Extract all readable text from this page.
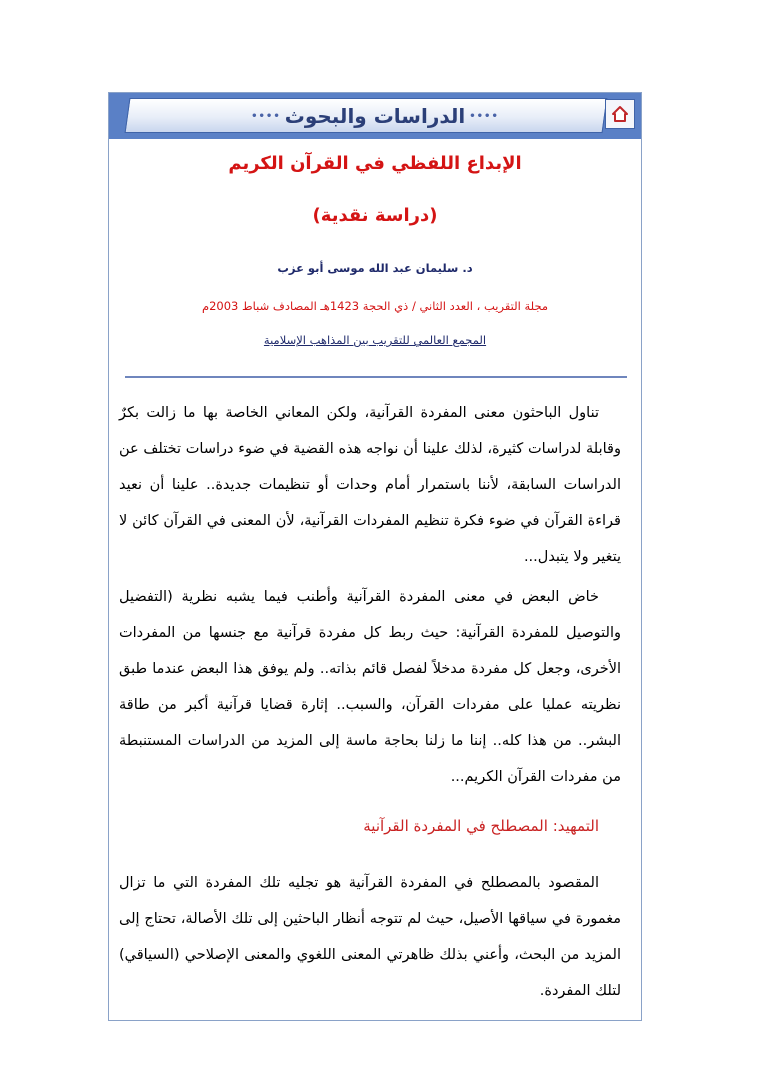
•••• الدراسات والبحوث ••••
الإبداع اللفظي في القرآن الكريم
(دراسة نقدية)
د. سليمان عبد الله موسى أبو عزب
مجلة التقريب ، العدد الثاني / ذي الحجة 1423هـ المصادف شباط 2003م
المجمع العالمي للتقريب بين المذاهب الإسلامية
تناول الباحثون معنى المفردة القرآنية، ولكن المعاني الخاصة بها ما زالت بكرٌ وقابلة لدراسات كثيرة، لذلك علينا أن نواجه هذه القضية في ضوء دراسات تختلف عن الدراسات السابقة، لأننا باستمرار أمام وحدات أو تنظيمات جديدة.. علينا أن نعيد قراءة القرآن في ضوء فكرة تنظيم المفردات القرآنية، لأن المعنى في القرآن كائن لا يتغير ولا يتبدل...
خاض البعض في معنى المفردة القرآنية وأطنب فيما يشبه نظرية (التفضيل والتوصيل للمفردة القرآنية: حيث ربط كل مفردة قرآنية مع جنسها من المفردات الأخرى، وجعل كل مفردة مدخلاً لفصل قائم بذاته.. ولم يوفق هذا البعض عندما طبق نظريته عمليا على مفردات القرآن، والسبب.. إثارة قضايا قرآنية أكبر من طاقة البشر.. من هذا كله.. إننا ما زلنا بحاجة ماسة إلى المزيد من الدراسات المستنبطة من مفردات القرآن الكريم...
التمهيد: المصطلح في المفردة القرآنية
المقصود بالمصطلح في المفردة القرآنية هو تجليه تلك المفردة التي ما تزال مغمورة في سياقها الأصيل، حيث لم تتوجه أنظار الباحثين إلى تلك الأصالة، تحتاج إلى المزيد من البحث، وأعني بذلك ظاهرتي المعنى اللغوي والمعنى الإصلاحي (السياقي) لتلك المفردة.
